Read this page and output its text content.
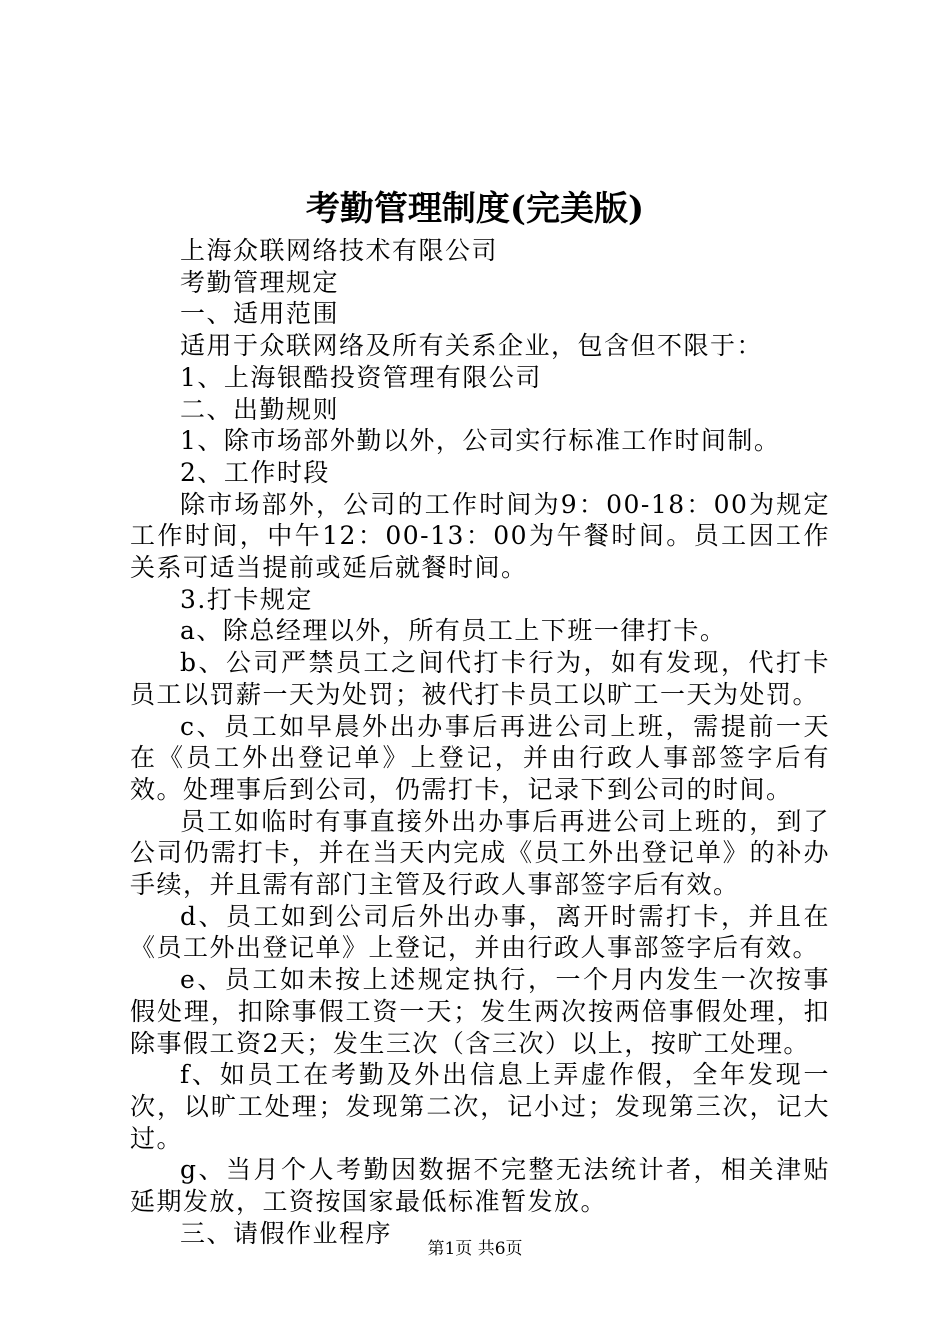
考勤管理制度(完美版)

上海众联网络技术有限公司

考勤管理规定

一、适用范围

适用于众联网络及所有关系企业，包含但不限于：

1、上海银酷投资管理有限公司

二、出勤规则

1、除市场部外勤以外，公司实行标准工作时间制。

2、工作时段

除市场部外，公司的工作时间为9：00-18：00为规定工作时间，中午12：00-13：00为午餐时间。员工因工作关系可适当提前或延后就餐时间。

3.打卡规定

a、除总经理以外，所有员工上下班一律打卡。

b、公司严禁员工之间代打卡行为，如有发现，代打卡员工以罚薪一天为处罚；被代打卡员工以旷工一天为处罚。

c、员工如早晨外出办事后再进公司上班，需提前一天在《员工外出登记单》上登记，并由行政人事部签字后有效。处理事后到公司，仍需打卡，记录下到公司的时间。

员工如临时有事直接外出办事后再进公司上班的，到了公司仍需打卡，并在当天内完成《员工外出登记单》的补办手续，并且需有部门主管及行政人事部签字后有效。

d、员工如到公司后外出办事，离开时需打卡，并且在《员工外出登记单》上登记，并由行政人事部签字后有效。

e、员工如未按上述规定执行，一个月内发生一次按事假处理，扣除事假工资一天；发生两次按两倍事假处理，扣除事假工资2天；发生三次（含三次）以上，按旷工处理。

f、如员工在考勤及外出信息上弄虚作假，全年发现一次，以旷工处理；发现第二次，记小过；发现第三次，记大过。

g、当月个人考勤因数据不完整无法统计者，相关津贴延期发放，工资按国家最低标准暂发放。

三、请假作业程序

第1页 共6页
